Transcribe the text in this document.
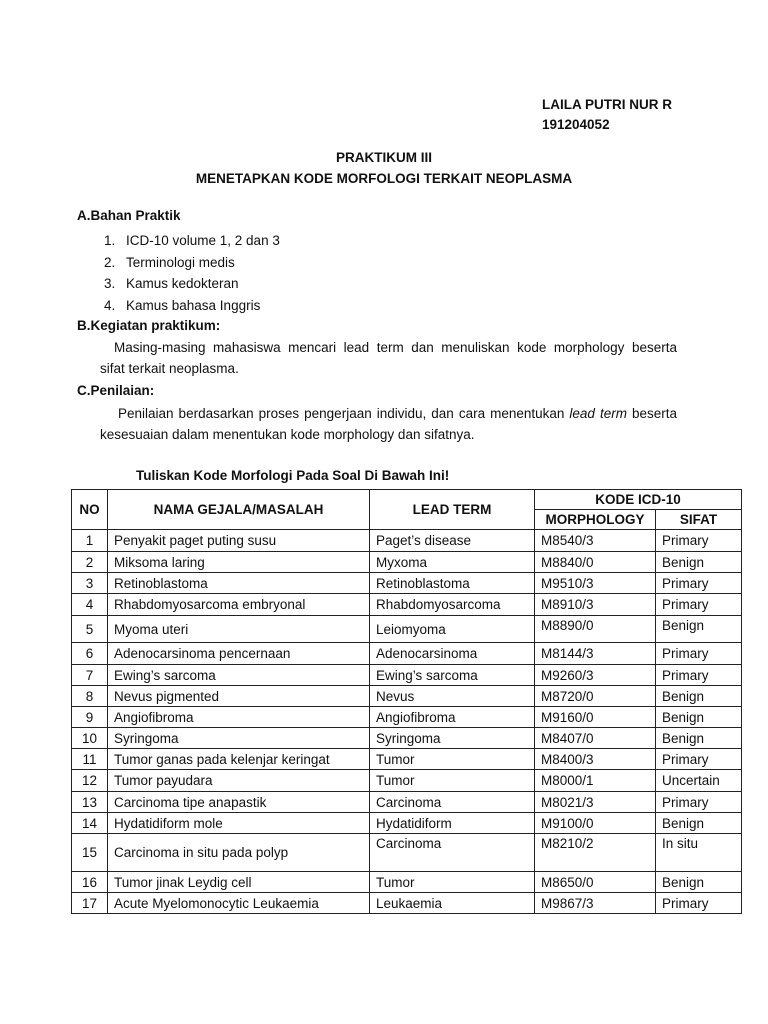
LAILA PUTRI NUR R
191204052
PRAKTIKUM III
MENETAPKAN KODE MORFOLOGI TERKAIT NEOPLASMA
A.Bahan Praktik
1. ICD-10 volume 1, 2 dan 3
2. Terminologi medis
3. Kamus kedokteran
4. Kamus bahasa Inggris
B.Kegiatan praktikum:
Masing-masing mahasiswa mencari lead term dan menuliskan kode morphology beserta
sifat terkait neoplasma.
C.Penilaian:
Penilaian berdasarkan proses pengerjaan individu, dan cara menentukan lead term beserta
kesesuaian dalam menentukan kode morphology dan sifatnya.
Tuliskan Kode Morfologi Pada Soal Di Bawah Ini!
NO	NAMA GEJALA/MASALAH	LEAD TERM	KODE ICD-10	
			MORPHOLOGY	SIFAT
1	Penyakit paget puting susu	Paget’s disease	M8540/3	Primary
2	Miksoma laring	Myxoma	M8840/0	Benign
3	Retinoblastoma	Retinoblastoma	M9510/3	Primary
4	Rhabdomyosarcoma embryonal	Rhabdomyosarcoma	M8910/3	Primary
5	Myoma uteri	Leiomyoma	M8890/0	Benign
6	Adenocarsinoma pencernaan	Adenocarsinoma	M8144/3	Primary
7	Ewing’s sarcoma	Ewing’s sarcoma	M9260/3	Primary
8	Nevus pigmented	Nevus	M8720/0	Benign
9	Angiofibroma	Angiofibroma	M9160/0	Benign
10	Syringoma	Syringoma	M8407/0	Benign
11	Tumor ganas pada kelenjar keringat	Tumor	M8400/3	Primary
12	Tumor payudara	Tumor	M8000/1	Uncertain
13	Carcinoma tipe anapastik	Carcinoma	M8021/3	Primary
14	Hydatidiform mole	Hydatidiform	M9100/0	Benign
15	Carcinoma in situ pada polyp	Carcinoma	M8210/2	In situ
16	Tumor jinak Leydig cell	Tumor	M8650/0	Benign
17	Acute Myelomonocytic Leukaemia	Leukaemia	M9867/3	Primary
